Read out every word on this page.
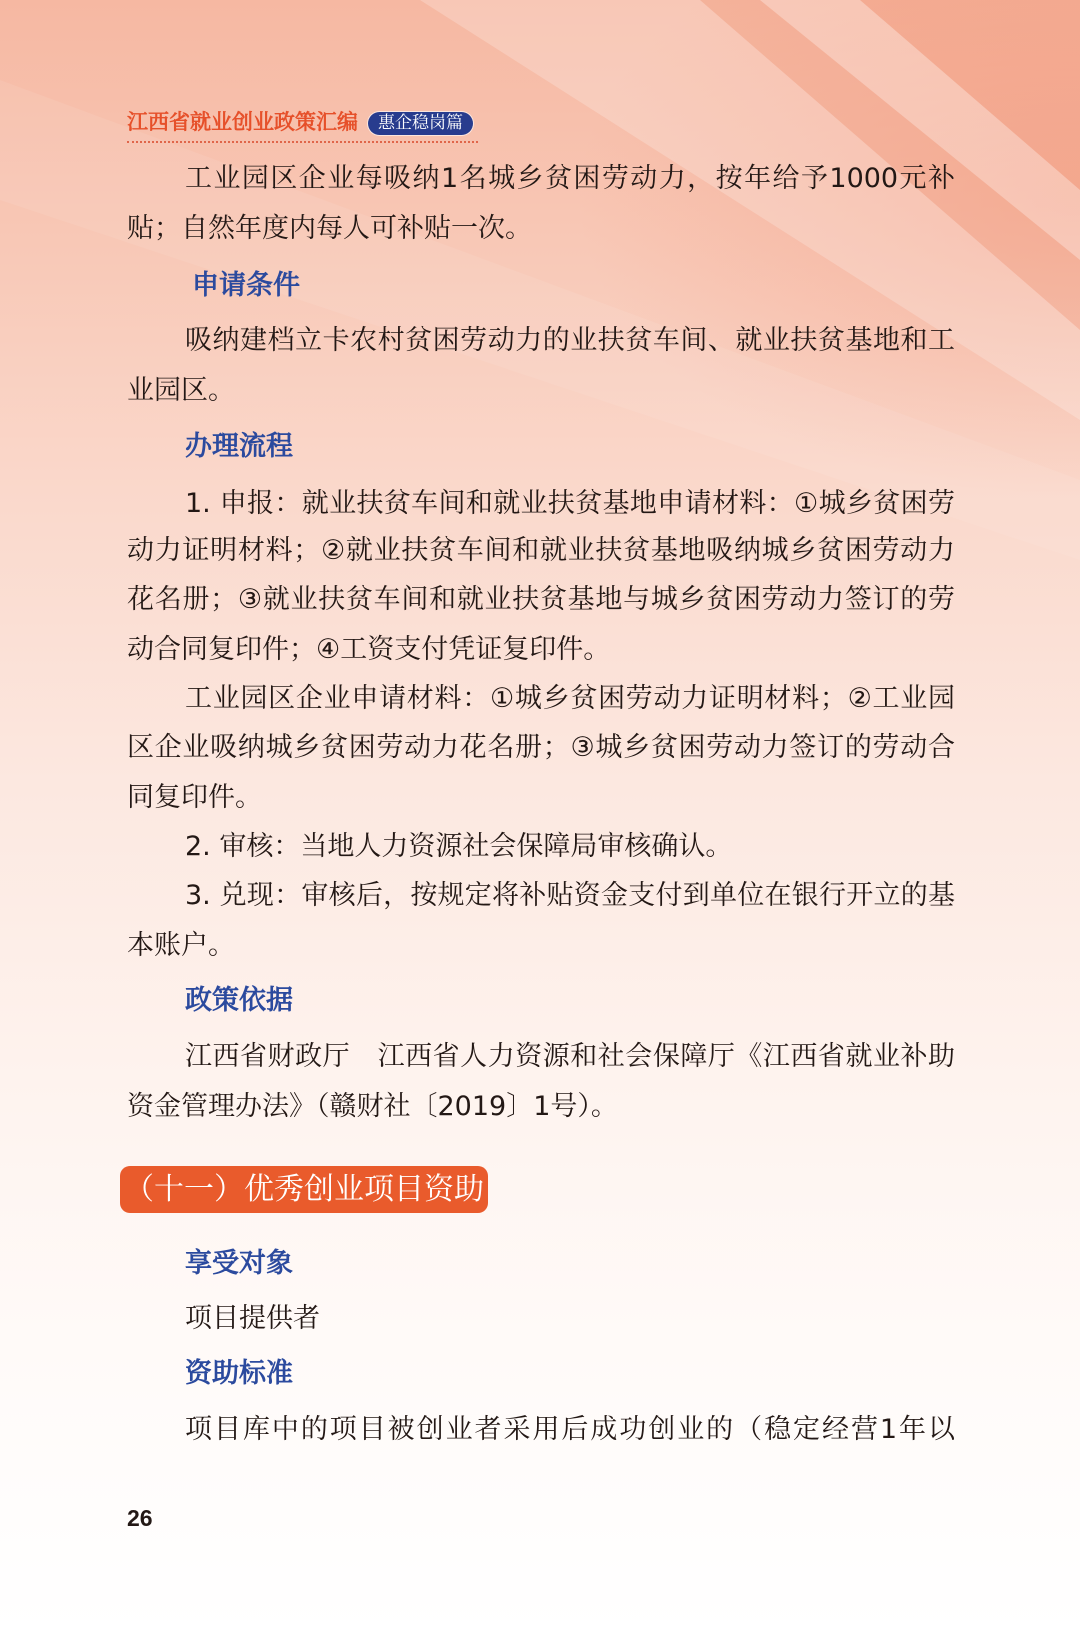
江西省就业创业政策汇编	惠企稳岗篇
工业园区企业每吸纳1名城乡贫困劳动力，按年给予1000元补
贴；自然年度内每人可补贴一次。
申请条件
吸纳建档立卡农村贫困劳动力的业扶贫车间、就业扶贫基地和工
业园区。
办理流程
1. 申报：就业扶贫车间和就业扶贫基地申请材料：①城乡贫困劳
动力证明材料；②就业扶贫车间和就业扶贫基地吸纳城乡贫困劳动力
花名册；③就业扶贫车间和就业扶贫基地与城乡贫困劳动力签订的劳
动合同复印件；④工资支付凭证复印件。
工业园区企业申请材料：①城乡贫困劳动力证明材料；②工业园
区企业吸纳城乡贫困劳动力花名册；③城乡贫困劳动力签订的劳动合
同复印件。
2. 审核：当地人力资源社会保障局审核确认。
3. 兑现：审核后，按规定将补贴资金支付到单位在银行开立的基
本账户。
政策依据
江西省财政厅　江西省人力资源和社会保障厅《江西省就业补助
资金管理办法》（赣财社〔2019〕1号）。
（十一）优秀创业项目资助
享受对象
项目提供者
资助标准
项目库中的项目被创业者采用后成功创业的（稳定经营1年以
26
